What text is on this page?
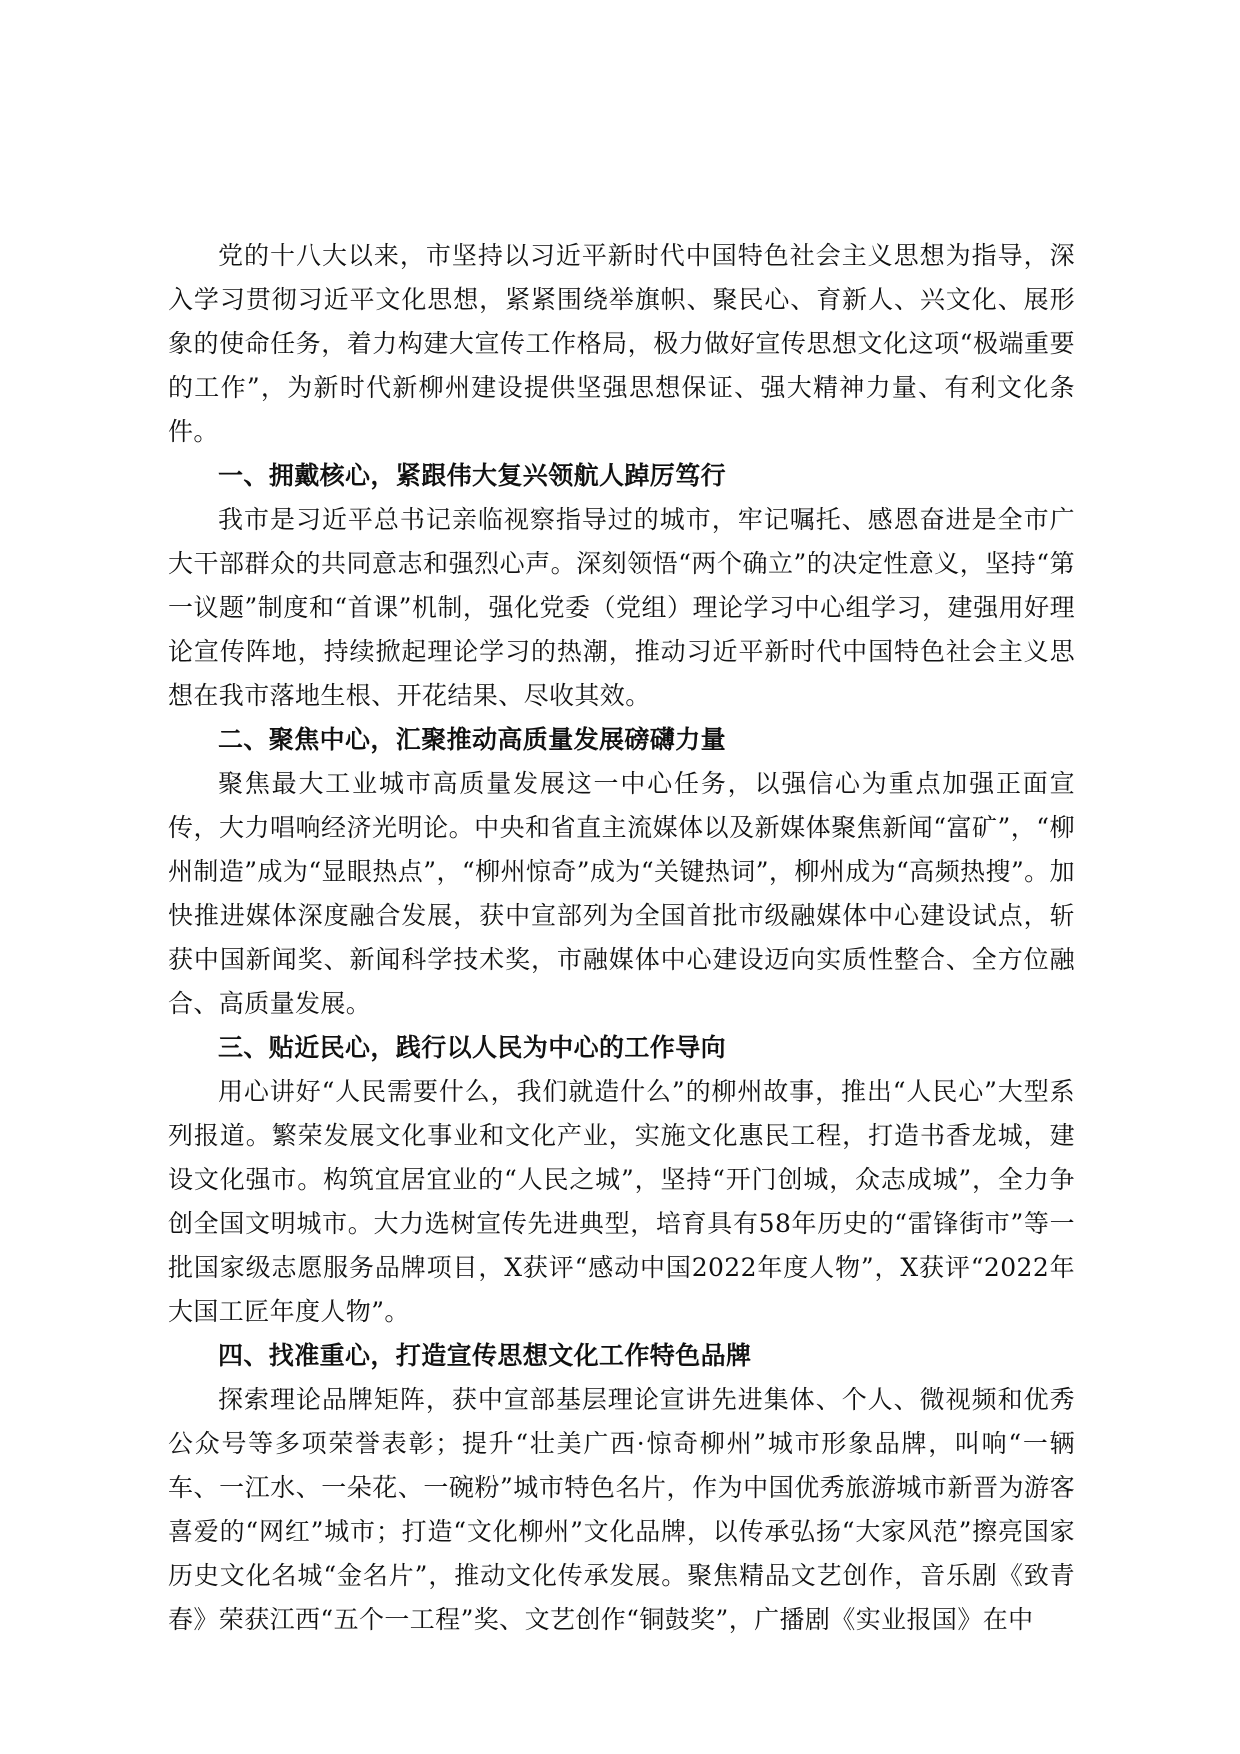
党的十八大以来，市坚持以习近平新时代中国特色社会主义思想为指导，深入学习贯彻习近平文化思想，紧紧围绕举旗帜、聚民心、育新人、兴文化、展形象的使命任务，着力构建大宣传工作格局，极力做好宣传思想文化这项“极端重要的工作”，为新时代新柳州建设提供坚强思想保证、强大精神力量、有利文化条件。

一、拥戴核心，紧跟伟大复兴领航人踔厉笃行

我市是习近平总书记亲临视察指导过的城市，牢记嘱托、感恩奋进是全市广大干部群众的共同意志和强烈心声。深刻领悟“两个确立”的决定性意义，坚持“第一议题”制度和“首课”机制，强化党委（党组）理论学习中心组学习，建强用好理论宣传阵地，持续掀起理论学习的热潮，推动习近平新时代中国特色社会主义思想在我市落地生根、开花结果、尽收其效。

二、聚焦中心，汇聚推动高质量发展磅礴力量

聚焦最大工业城市高质量发展这一中心任务，以强信心为重点加强正面宣传，大力唱响经济光明论。中央和省直主流媒体以及新媒体聚焦新闻“富矿”，“柳州制造”成为“显眼热点”，“柳州惊奇”成为“关键热词”，柳州成为“高频热搜”。加快推进媒体深度融合发展，获中宣部列为全国首批市级融媒体中心建设试点，斩获中国新闻奖、新闻科学技术奖，市融媒体中心建设迈向实质性整合、全方位融合、高质量发展。

三、贴近民心，践行以人民为中心的工作导向

用心讲好“人民需要什么，我们就造什么”的柳州故事，推出“人民心”大型系列报道。繁荣发展文化事业和文化产业，实施文化惠民工程，打造书香龙城，建设文化强市。构筑宜居宜业的“人民之城”，坚持“开门创城，众志成城”，全力争创全国文明城市。大力选树宣传先进典型，培育具有58年历史的“雷锋街市”等一批国家级志愿服务品牌项目，X获评“感动中国2022年度人物”，X获评“2022年大国工匠年度人物”。

四、找准重心，打造宣传思想文化工作特色品牌

探索理论品牌矩阵，获中宣部基层理论宣讲先进集体、个人、微视频和优秀公众号等多项荣誉表彰；提升“壮美广西·惊奇柳州”城市形象品牌，叫响“一辆车、一江水、一朵花、一碗粉”城市特色名片，作为中国优秀旅游城市新晋为游客喜爱的“网红”城市；打造“文化柳州”文化品牌，以传承弘扬“大家风范”擦亮国家历史文化名城“金名片”，推动文化传承发展。聚焦精品文艺创作，音乐剧《致青春》荣获江西“五个一工程”奖、文艺创作“铜鼓奖”，广播剧《实业报国》在中
